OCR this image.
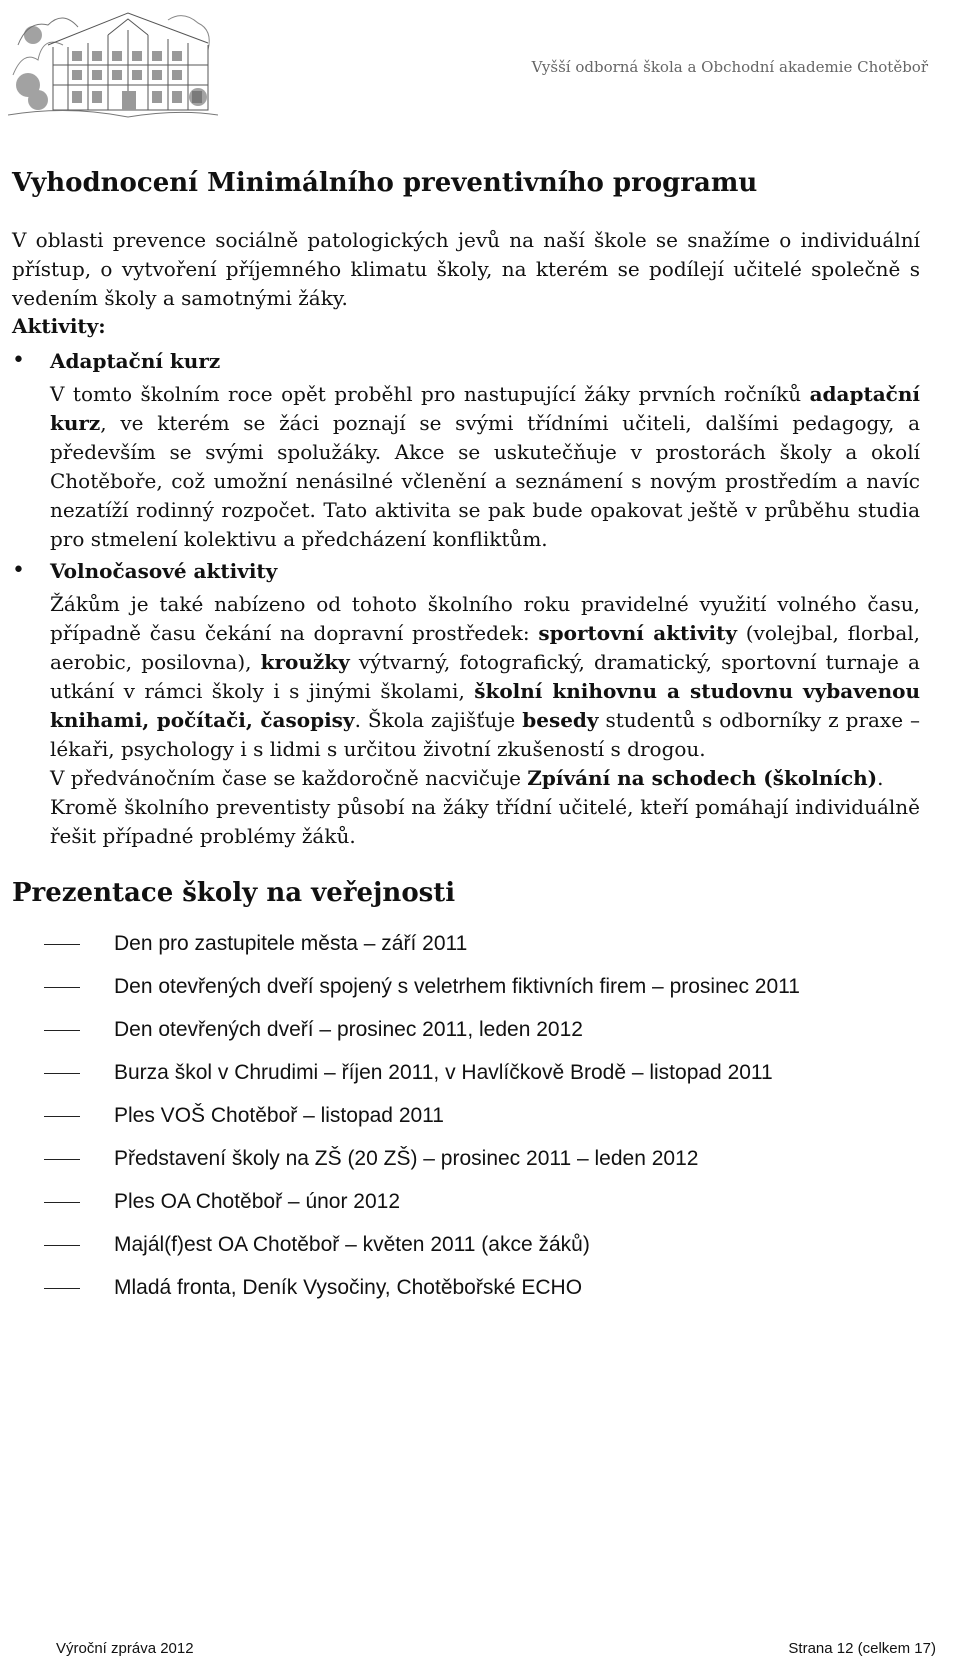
Vyšší odborná škola a Obchodní akademie Chotěboř
Vyhodnocení Minimálního preventivního programu

V oblasti prevence sociálně patologických jevů na naší škole se snažíme o individuální přístup, o vytvoření příjemného klimatu školy, na kterém se podílejí učitelé společně s vedením školy a samotnými žáky.

Aktivity:

• Adaptační kurz

V tomto školním roce opět proběhl pro nastupující žáky prvních ročníků adaptační kurz, ve kterém se žáci poznají se svými třídními učiteli, dalšími pedagogy, a především se svými spolužáky. Akce se uskutečňuje v prostorách školy a okolí Chotěboře, což umožní nenásilné včlenění a seznámení s novým prostředím a navíc nezatíží rodinný rozpočet. Tato aktivita se pak bude opakovat ještě v průběhu studia pro stmelení kolektivu a předcházení konfliktům.

• Volnočasové aktivity

Žákům je také nabízeno od tohoto školního roku pravidelné využití volného času, případně času čekání na dopravní prostředek: sportovní aktivity (volejbal, florbal, aerobic, posilovna), kroužky výtvarný, fotografický, dramatický, sportovní turnaje a utkání v rámci školy i s jinými školami, školní knihovnu a studovnu vybavenou knihami, počítači, časopisy. Škola zajišťuje besedy studentů s odborníky z praxe – lékaři, psychology i s lidmi s určitou životní zkušeností s drogou.
V předvánočním čase se každoročně nacvičuje Zpívání na schodech (školních).
Kromě školního preventisty působí na žáky třídní učitelé, kteří pomáhají individuálně řešit případné problémy žáků.

Prezentace školy na veřejnosti
Den pro zastupitele města – září 2011
Den otevřených dveří spojený s veletrhem fiktivních firem – prosinec 2011
Den otevřených dveří – prosinec 2011, leden 2012
Burza škol v Chrudimi – říjen 2011, v Havlíčkově Brodě – listopad 2011
Ples VOŠ Chotěboř – listopad 2011
Představení školy na ZŠ (20 ZŠ) – prosinec 2011 – leden 2012
Ples OA Chotěboř – únor 2012
Majál(f)est OA Chotěboř – květen 2011 (akce žáků)
Mladá fronta, Deník Vysočiny, Chotěbořské ECHO
Výroční zpráva 2012	Strana 12 (celkem 17)
